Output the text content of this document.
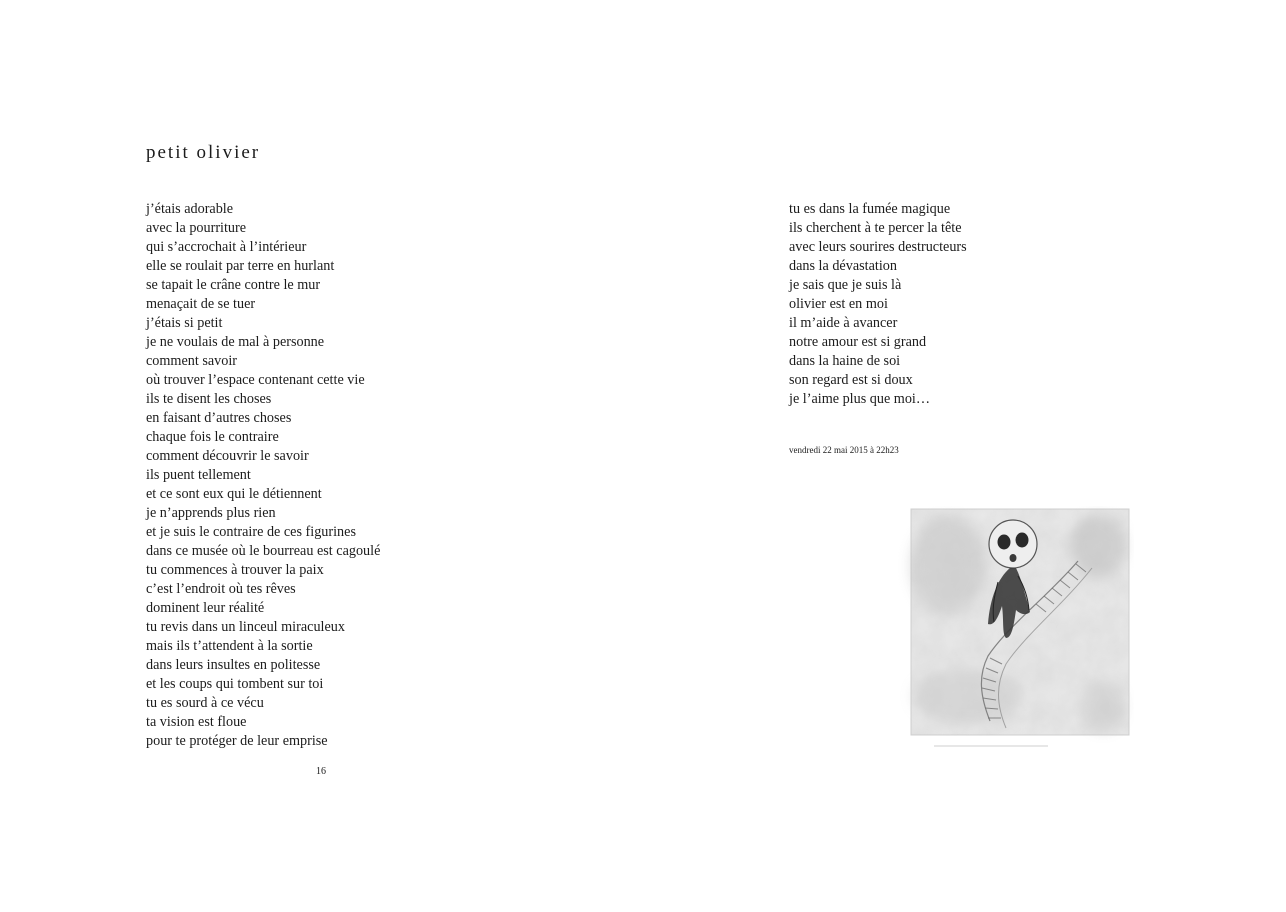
petit olivier
j’étais adorable
avec la pourriture
qui s’accrochait à l’intérieur
elle se roulait par terre en hurlant
se tapait le crâne contre le mur
menaçait de se tuer
j’étais si petit
je ne voulais de mal à personne
comment savoir
où trouver l’espace contenant cette vie
ils te disent les choses
en faisant d’autres choses
chaque fois le contraire
comment découvrir le savoir
ils puent tellement
et ce sont eux qui le détiennent
je n’apprends plus rien
et je suis le contraire de ces figurines
dans ce musée où le bourreau est cagoulé
tu commences à trouver la paix
c’est l’endroit où tes rêves
dominent leur réalité
tu revis dans un linceul miraculeux
mais ils t’attendent à la sortie
dans leurs insultes en politesse
et les coups qui tombent sur toi
tu es sourd à ce vécu
ta vision est floue
pour te protéger de leur emprise
tu es dans la fumée magique
ils cherchent à te percer la tête
avec leurs sourires destructeurs
dans la dévastation
je sais que je suis là
olivier est en moi
il m’aide à avancer
notre amour est si grand
dans la haine de soi
son regard est si doux
je l’aime plus que moi…
vendredi 22 mai 2015 à 22h23
16
